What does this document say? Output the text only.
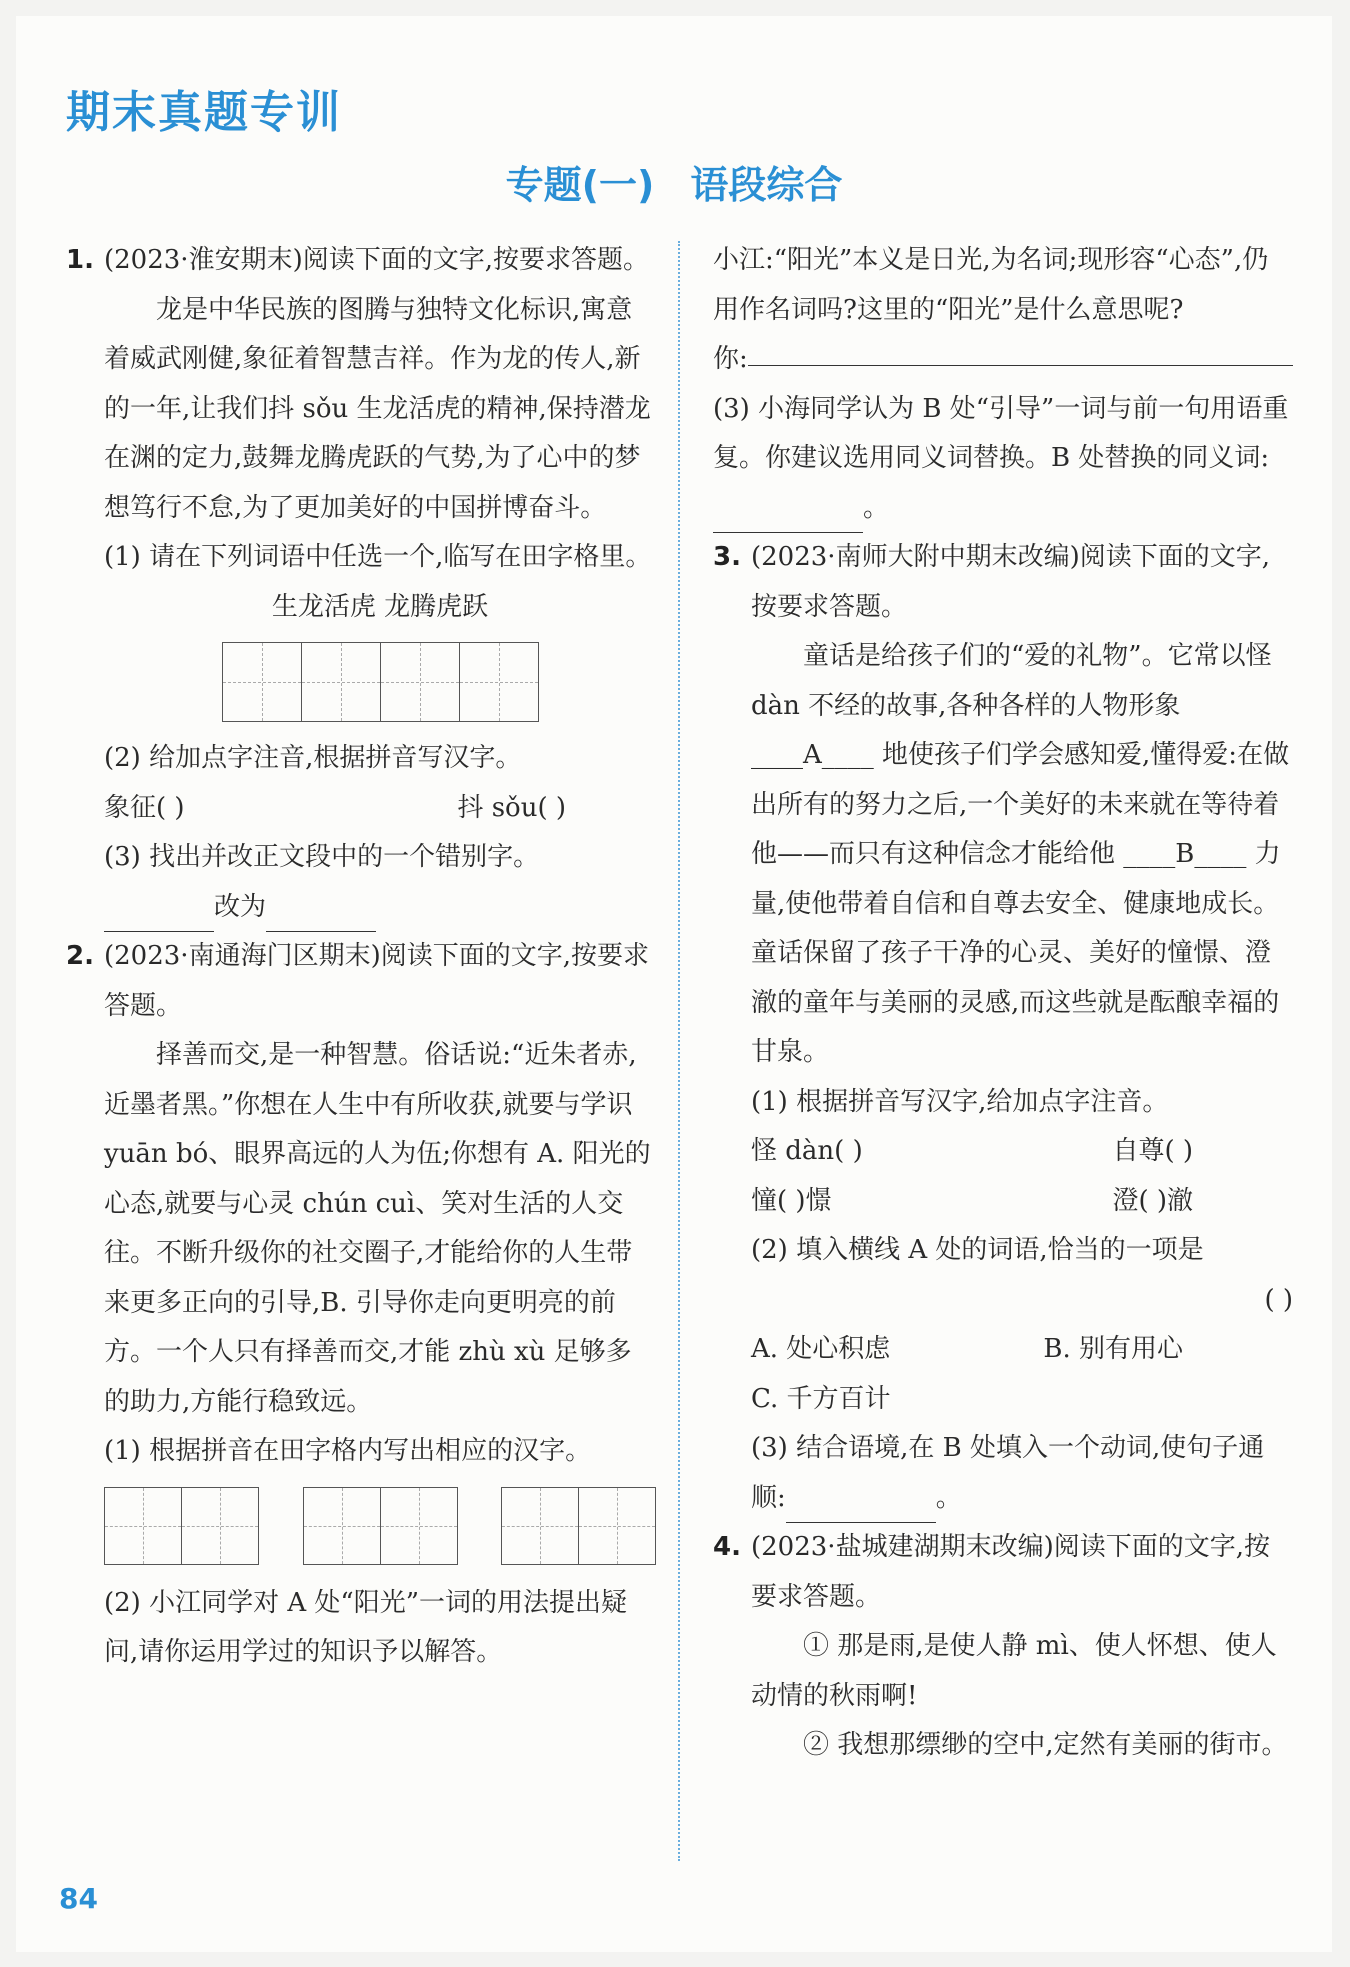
期末真题专训
专题(一) 语段综合
1. (2023·淮安期末)阅读下面的文字,按要求答题。

龙是中华民族的图腾与独特文化标识,寓意着威武刚健,象征着智慧吉祥。作为龙的传人,新的一年,让我们抖 sǒu 生龙活虎的精神,保持潜龙在渊的定力,鼓舞龙腾虎跃的气势,为了心中的梦想笃行不怠,为了更加美好的中国拼博奋斗。

(1) 请在下列词语中任选一个,临写在田字格里。

生龙活虎 龙腾虎跃

(2) 给加点字注音,根据拼音写汉字。

象征( )	抖 sǒu( )

(3) 找出并改正文段中的一个错别字。

改为

2. (2023·南通海门区期末)阅读下面的文字,按要求答题。

择善而交,是一种智慧。俗话说:“近朱者赤,近墨者黑。”你想在人生中有所收获,就要与学识 yuān bó、眼界高远的人为伍;你想有 A. 阳光的心态,就要与心灵 chún cuì、笑对生活的人交往。不断升级你的社交圈子,才能给你的人生带来更多正向的引导,B. 引导你走向更明亮的前方。一个人只有择善而交,才能 zhù xù 足够多的助力,方能行稳致远。

(1) 根据拼音在田字格内写出相应的汉字。

(2) 小江同学对 A 处“阳光”一词的用法提出疑问,请你运用学过的知识予以解答。

小江:“阳光”本义是日光,为名词;现形容“心态”,仍用作名词吗?这里的“阳光”是什么意思呢?

你:

(3) 小海同学认为 B 处“引导”一词与前一句用语重复。你建议选用同义词替换。B 处替换的同义词:。

3. (2023·南师大附中期末改编)阅读下面的文字,按要求答题。

童话是给孩子们的“爱的礼物”。它常以怪 dàn 不经的故事,各种各样的人物形象 ____A____ 地使孩子们学会感知爱,懂得爱:在做出所有的努力之后,一个美好的未来就在等待着他——而只有这种信念才能给他 ____B____ 力量,使他带着自信和自尊去安全、健康地成长。童话保留了孩子干净的心灵、美好的憧憬、澄澈的童年与美丽的灵感,而这些就是酝酿幸福的甘泉。

(1) 根据拼音写汉字,给加点字注音。

怪 dàn( )	自尊( )
憧( )憬	澄( )澈

(2) 填入横线 A 处的词语,恰当的一项是

( )

A. 处心积虑	B. 别有用心

C. 千方百计

(3) 结合语境,在 B 处填入一个动词,使句子通顺:	。

4. (2023·盐城建湖期末改编)阅读下面的文字,按要求答题。

① 那是雨,是使人静 mì、使人怀想、使人动情的秋雨啊!

② 我想那缥缈的空中,定然有美丽的街市。

84
